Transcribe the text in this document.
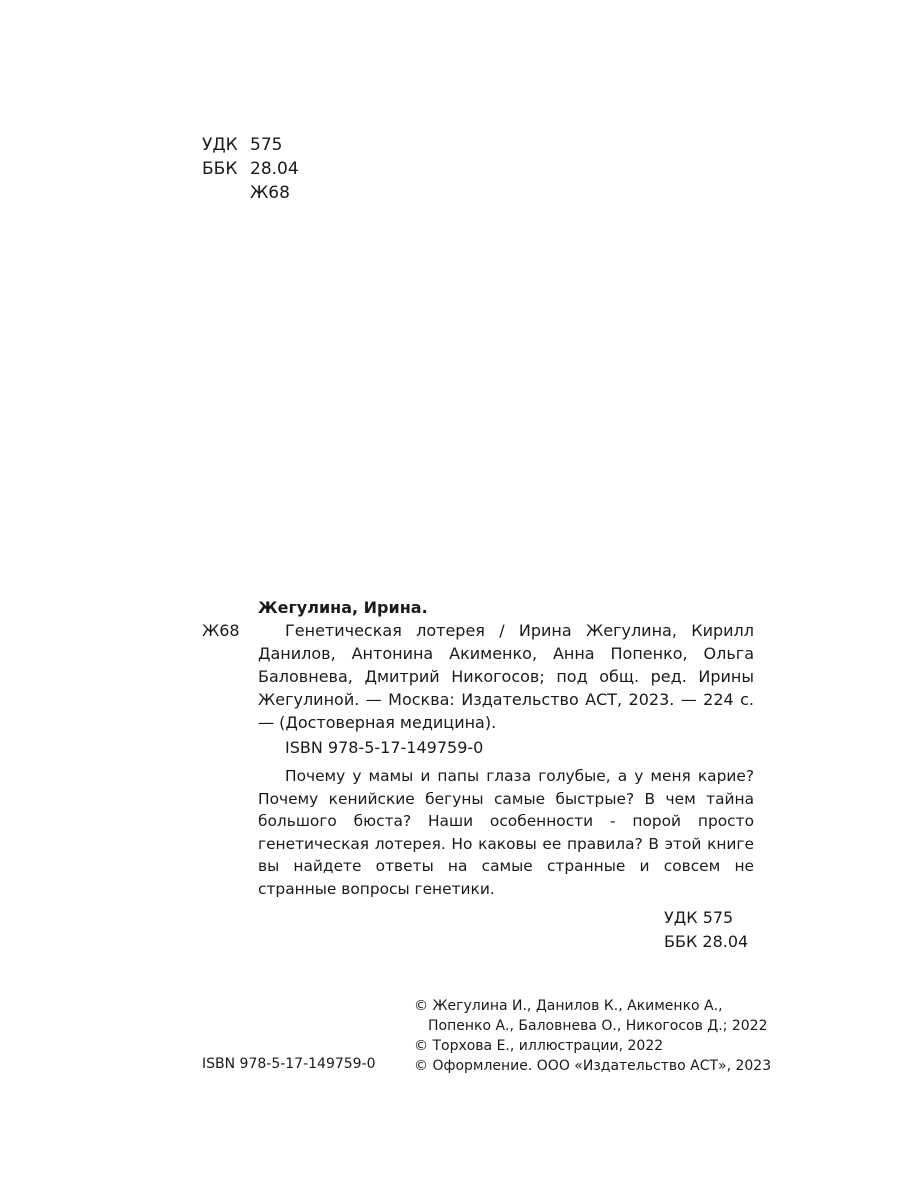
УДК 575
ББК 28.04
Ж68
Жегулина, Ирина.
Ж68	Генетическая лотерея / Ирина Жегулина, Кирилл Данилов, Антонина Акименко, Анна Попенко, Ольга Баловнева, Дмитрий Никогосов; под общ. ред. Ирины Жегулиной. — Москва: Издательство АСТ, 2023. — 224 с. — (Достоверная медицина).
ISBN 978-5-17-149759-0

Почему у мамы и папы глаза голубые, а у меня карие? Почему кенийские бегуны самые быстрые? В чем тайна большого бюста? Наши особенности - порой просто генетическая лотерея. Но каковы ее правила? В этой книге вы найдете ответы на самые странные и совсем не странные вопросы генетики.

УДК 575
ББК 28.04
© Жегулина И., Данилов К., Акименко А.,
Попенко А., Баловнева О., Никогосов Д.; 2022
© Торхова Е., иллюстрации, 2022
© Оформление. ООО «Издательство АСТ», 2023
ISBN 978-5-17-149759-0
